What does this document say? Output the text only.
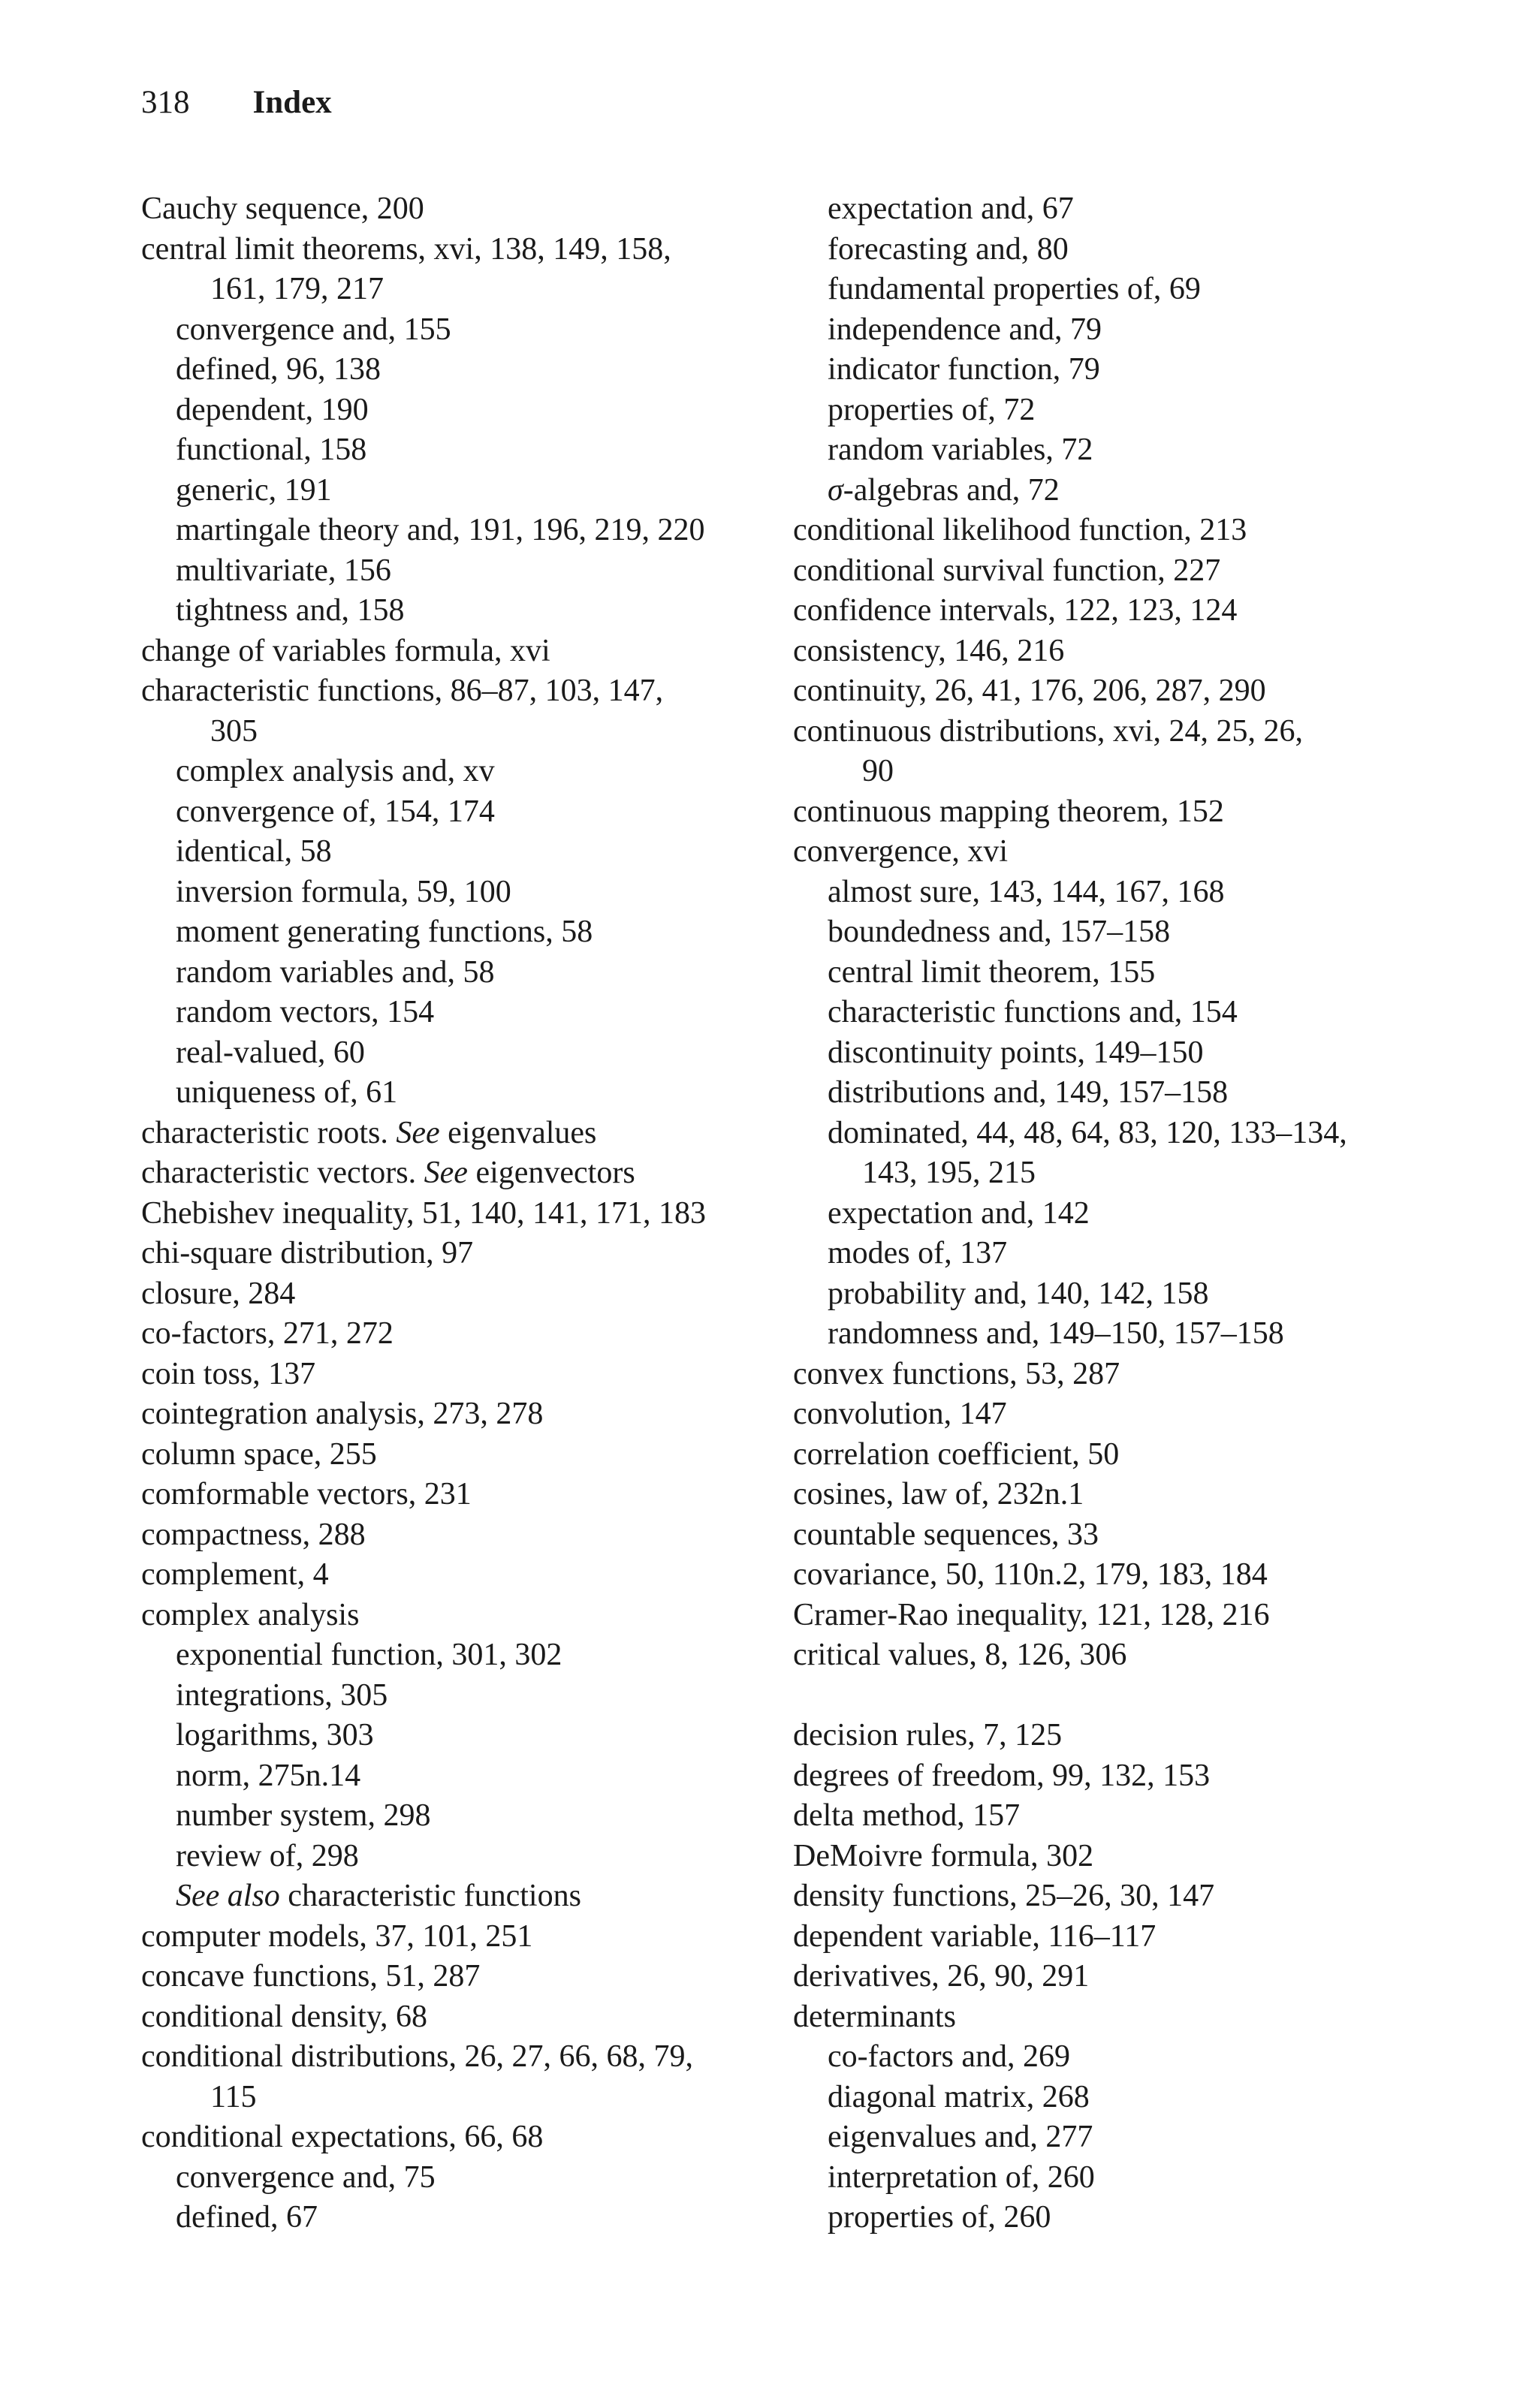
318 Index
Cauchy sequence, 200
central limit theorems, xvi, 138, 149, 158,
161, 179, 217
convergence and, 155
defined, 96, 138
dependent, 190
functional, 158
generic, 191
martingale theory and, 191, 196, 219, 220
multivariate, 156
tightness and, 158
change of variables formula, xvi
characteristic functions, 86–87, 103, 147,
305
complex analysis and, xv
convergence of, 154, 174
identical, 58
inversion formula, 59, 100
moment generating functions, 58
random variables and, 58
random vectors, 154
real-valued, 60
uniqueness of, 61
characteristic roots. See eigenvalues
characteristic vectors. See eigenvectors
Chebishev inequality, 51, 140, 141, 171, 183
chi-square distribution, 97
closure, 284
co-factors, 271, 272
coin toss, 137
cointegration analysis, 273, 278
column space, 255
comformable vectors, 231
compactness, 288
complement, 4
complex analysis
exponential function, 301, 302
integrations, 305
logarithms, 303
norm, 275n.14
number system, 298
review of, 298
See also characteristic functions
computer models, 37, 101, 251
concave functions, 51, 287
conditional density, 68
conditional distributions, 26, 27, 66, 68, 79,
115
conditional expectations, 66, 68
convergence and, 75
defined, 67
expectation and, 67
forecasting and, 80
fundamental properties of, 69
independence and, 79
indicator function, 79
properties of, 72
random variables, 72
σ-algebras and, 72
conditional likelihood function, 213
conditional survival function, 227
confidence intervals, 122, 123, 124
consistency, 146, 216
continuity, 26, 41, 176, 206, 287, 290
continuous distributions, xvi, 24, 25, 26,
90
continuous mapping theorem, 152
convergence, xvi
almost sure, 143, 144, 167, 168
boundedness and, 157–158
central limit theorem, 155
characteristic functions and, 154
discontinuity points, 149–150
distributions and, 149, 157–158
dominated, 44, 48, 64, 83, 120, 133–134,
143, 195, 215
expectation and, 142
modes of, 137
probability and, 140, 142, 158
randomness and, 149–150, 157–158
convex functions, 53, 287
convolution, 147
correlation coefficient, 50
cosines, law of, 232n.1
countable sequences, 33
covariance, 50, 110n.2, 179, 183, 184
Cramer-Rao inequality, 121, 128, 216
critical values, 8, 126, 306
decision rules, 7, 125
degrees of freedom, 99, 132, 153
delta method, 157
DeMoivre formula, 302
density functions, 25–26, 30, 147
dependent variable, 116–117
derivatives, 26, 90, 291
determinants
co-factors and, 269
diagonal matrix, 268
eigenvalues and, 277
interpretation of, 260
properties of, 260
